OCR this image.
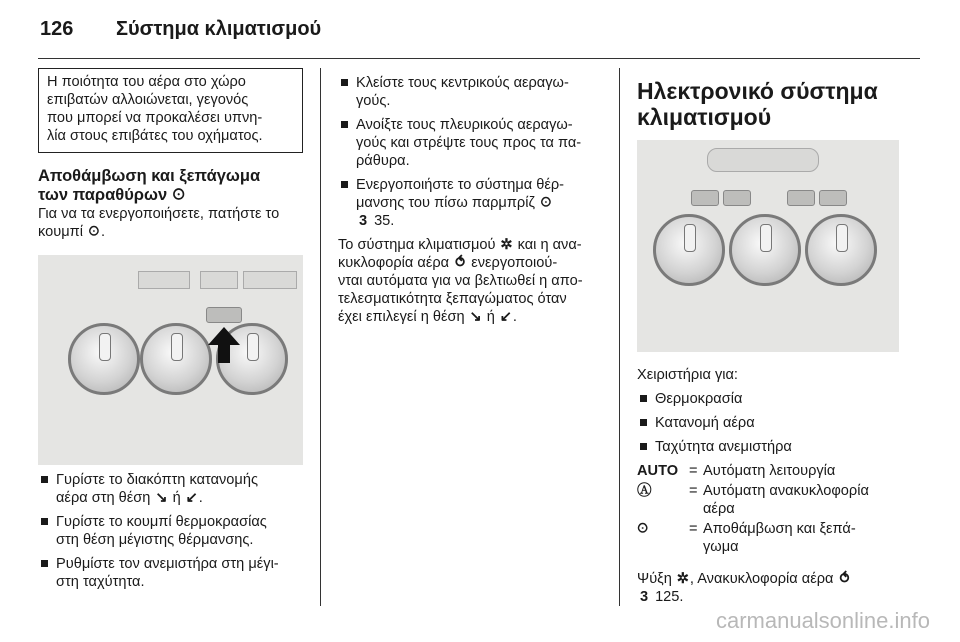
126 Σύστημα κλιματισμού

Η ποιότητα του αέρα στο χώρο

επιβατών αλλοιώνεται, γεγονός

που μπορεί να προκαλέσει υπνη-

λία στους επιβάτες του οχήματος.

Αποθάμβωση και ξεπάγωμα
των παραθύρων ꖴ

Για να τα ενεργοποιήσετε, πατήστε το

κουμπί ꖴ.

Γυρίστε το διακόπτη κατανομής
αέρα στη θέση ↘ ή ↙.
Γυρίστε το κουμπί θερμοκρασίας
στη θέση μέγιστης θέρμανσης.
Ρυθμίστε τον ανεμιστήρα στη μέγι-
στη ταχύτητα.
Κλείστε τους κεντρικούς αεραγω-
γούς.
Ανοίξτε τους πλευρικούς αεραγω-
γούς και στρέψτε τους προς τα πα-
ράθυρα.
Ενεργοποιήστε το σύστημα θέρ-
μανσης του πίσω παρμπρίζ ꖴ
3 35.

Το σύστημα κλιματισμού ✲ και η ανα-

κυκλοφορία αέρα ⥀ ενεργοποιού-

νται αυτόματα για να βελτιωθεί η απο-

τελεσματικότητα ξεπαγώματος όταν

έχει επιλεγεί η θέση ↘ ή ↙.

Ηλεκτρονικό σύστημα
κλιματισμού

Χειριστήρια για:

Θερμοκρασία
Κατανομή αέρα
Ταχύτητα ανεμιστήρα
AUTO = Αυτόματη λειτουργία
Ⓐ	= Αυτόματη ανακυκλοφορία
αέρα
ꖴ	= Αποθάμβωση και ξεπά-
γωμα

Ψύξη ✲, Ανακυκλοφορία αέρα ⥀

3 125.

carmanualsonline.info
